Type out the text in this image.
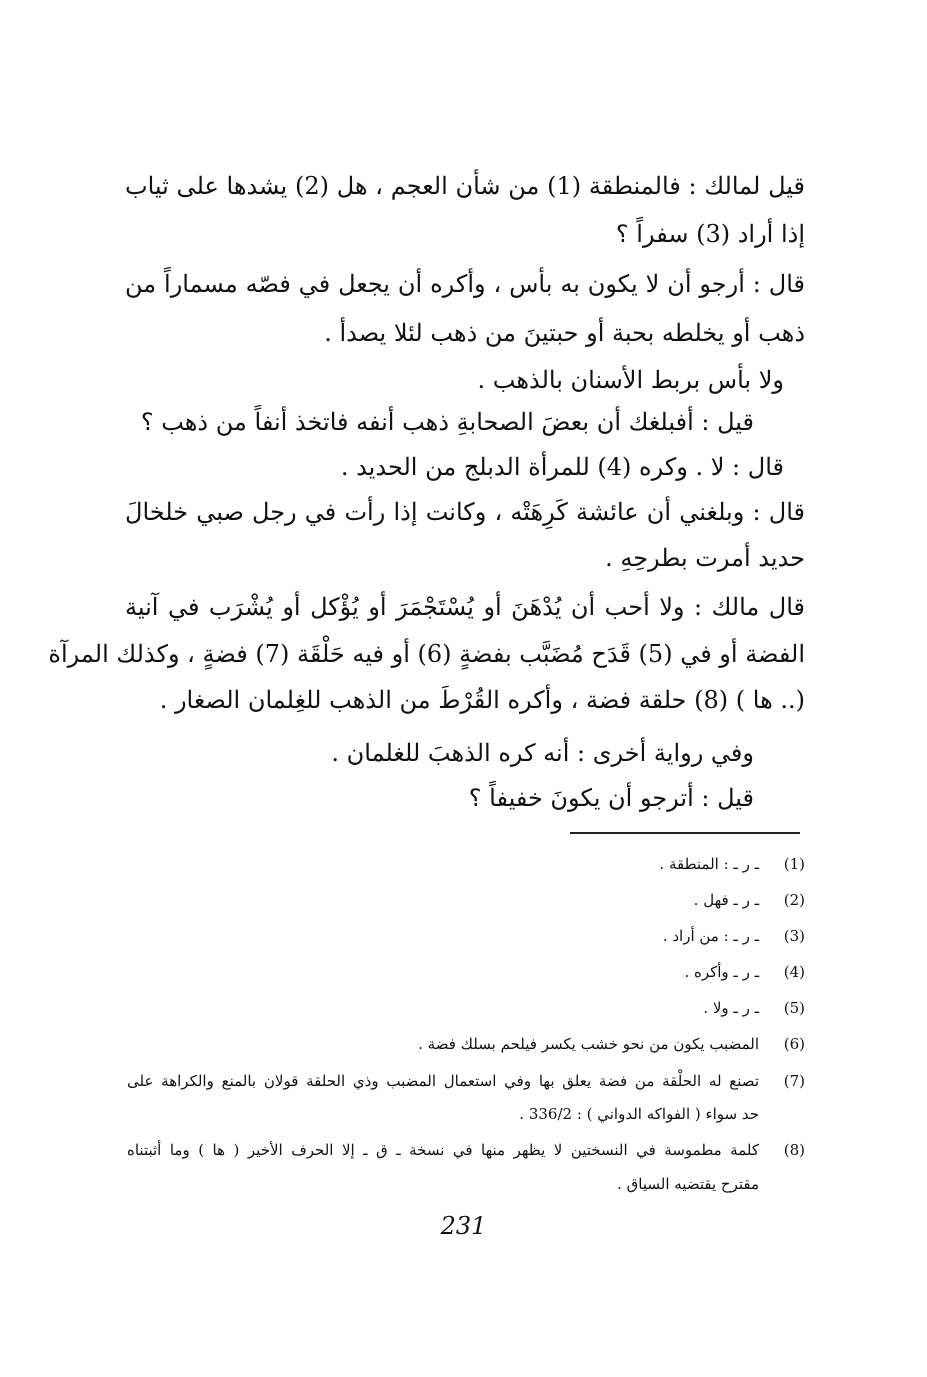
قيل لمالك : فالمنطقة (1) من شأن العجم ، هل (2) يشدها على ثياب
إذا أراد (3) سفراً ؟
قال : أرجو أن لا يكون به بأس ، وأكره أن يجعل في فصّه مسماراً من
ذهب أو يخلطه بحبة أو حبتينَ من ذهب لئلا يصدأ .
ولا بأس بربط الأسنان بالذهب .
قيل : أفبلغك أن بعضَ الصحابةِ ذهب أنفه فاتخذ أنفاً من ذهب ؟
قال : لا . وكره (4) للمرأة الدبلج من الحديد .
قال : وبلغني أن عائشة كَرِهَتْه ، وكانت إذا رأت في رجل صبي خلخالَ
حديد أمرت بطرحِهِ .
قال مالك : ولا أحب أن يُدْهَنَ أو يُسْتَجْمَرَ أو يُؤْكل أو يُشْرَب في آنية
الفضة أو في (5) قَدَح مُضَبَّب بفضةٍ (6) أو فيه حَلْقَة (7) فضةٍ ، وكذلك المرآة
(.. ها ) (8) حلقة فضة ، وأكره القُرْطَ من الذهب للغِلمان الصغار .
وفي رواية أخرى : أنه كره الذهبَ للغلمان .
قيل : أترجو أن يكونَ خفيفاً ؟
(1)
ـ ر ـ : المنطقة .
(2)
ـ ر ـ فهل .
(3)
ـ ر ـ : من أراد .
(4)
ـ ر ـ وأكره .
(5)
ـ ر ـ ولا .
(6)
المضبب يكون من نحو خشب يكسر فيلحم بسلك فضة .
(7)
تصنع له الحلْقة من فضة يعلق بها وفي استعمال المضبب وذي الحلقة قولان بالمنع والكراهة على
حد سواء ( الفواكه الدواني ) : 336/2 .
(8)
كلمة مطموسة في النسختين لا يظهر منها في نسخة ـ ق ـ إلا الحرف الأخير ( ها ) وما أثبتناه
مقترح يقتضيه السياق .
231
